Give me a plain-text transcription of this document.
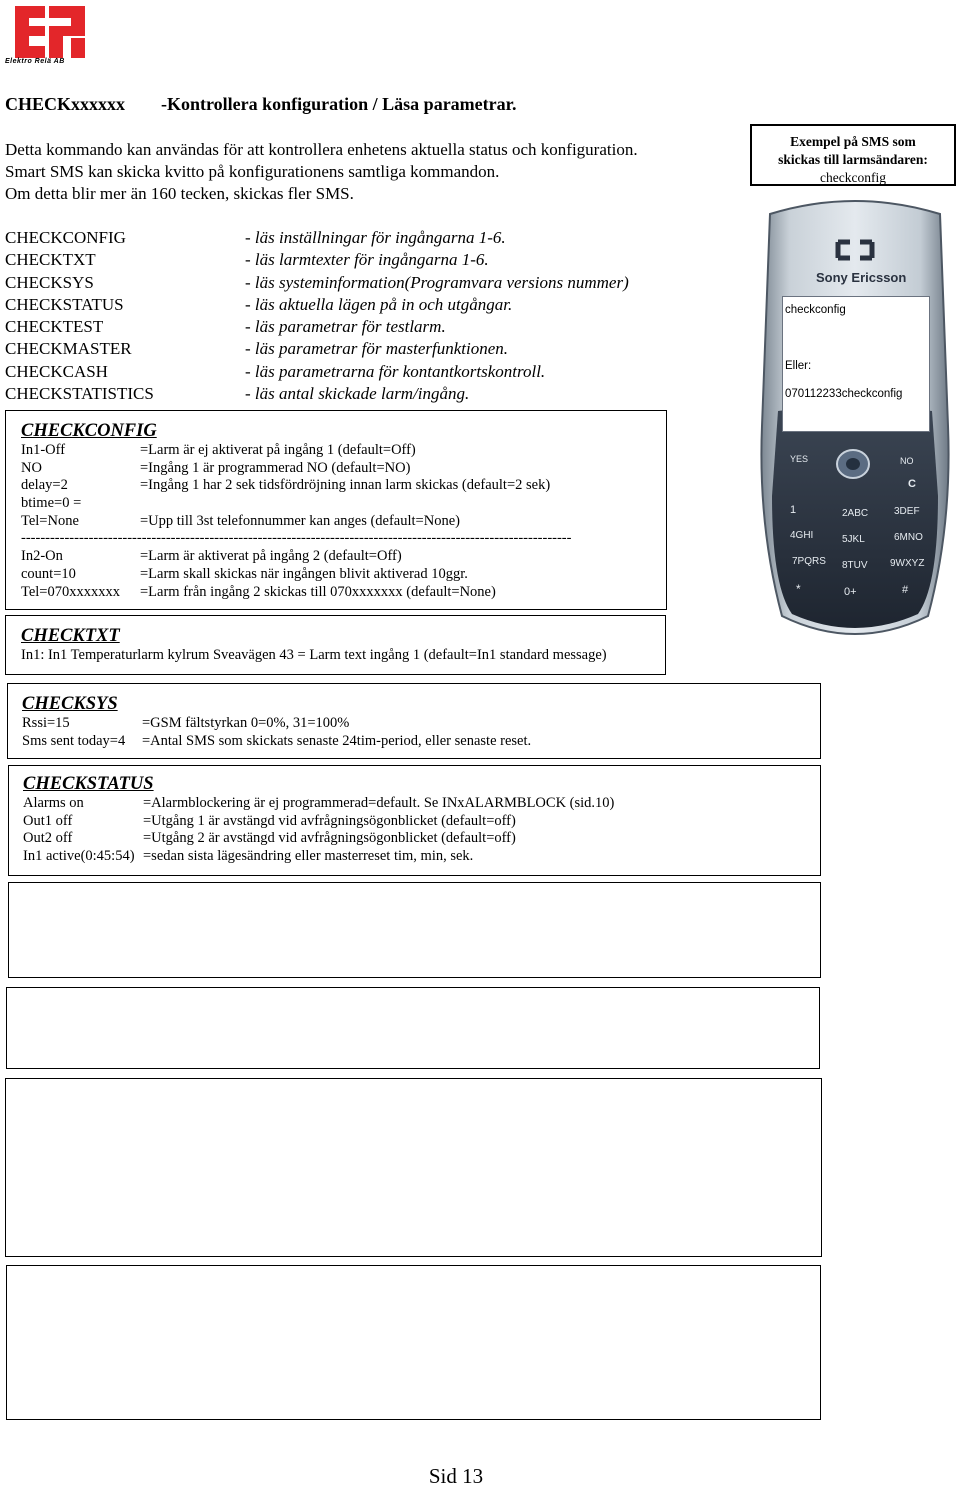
Elektro Relä AB
CHECKxxxxxx -Kontrollera konfiguration / Läsa parametrar.
Detta kommando kan användas för att kontrollera enhetens aktuella status och konfiguration.
Smart SMS kan skicka kvitto på konfigurationens samtliga kommandon.
Om detta blir mer än 160 tecken, skickas fler SMS.
Exempel på SMS som
skickas till larmsändaren:
checkconfig
CHECKCONFIG	- läs inställningar för ingångarna 1-6.
CHECKTXT	- läs larmtexter för ingångarna 1-6.
CHECKSYS	- läs systeminformation(Programvara versions nummer)
CHECKSTATUS	- läs aktuella lägen på in och utgångar.
CHECKTEST	- läs parametrar för testlarm.
CHECKMASTER	- läs parametrar för masterfunktionen.
CHECKCASH	- läs parametrarna för kontantkortskontroll.
CHECKSTATISTICS	- läs antal skickade larm/ingång.
CHECKCONFIG
In1-Off	=Larm är ej aktiverat på ingång 1 (default=Off)
NO	=Ingång 1 är programmerad NO (default=NO)
delay=2	=Ingång 1 har 2 sek tidsfördröjning innan larm skickas (default=2 sek)
btime=0 =
Tel=None	=Upp till 3st telefonnummer kan anges (default=None)
------------------------------------------------------------------------------------------------------------------
In2-On	=Larm är aktiverat på ingång 2 (default=Off)
count=10	=Larm skall skickas när ingången blivit aktiverad 10ggr.
Tel=070xxxxxxx =Larm från ingång 2 skickas till 070xxxxxxx (default=None)
CHECKTXT
In1: In1 Temperaturlarm kylrum Sveavägen 43 = Larm text ingång 1 (default=In1 standard message)
CHECKSYS
Rssi=15	=GSM fältstyrkan 0=0%, 31=100%
Sms sent today=4 =Antal SMS som skickats senaste 24tim-period, eller senaste reset.
CHECKSTATUS
Alarms on	=Alarmblockering är ej programmerad=default. Se INxALARMBLOCK (sid.10)
Out1 off	=Utgång 1 är avstängd vid avfrågningsögonblicket (default=off)
Out2 off	=Utgång 2 är avstängd vid avfrågningsögonblicket (default=off)
In1 active(0:45:54) =sedan sista lägesändring eller masterreset tim, min, sek.
Sony Ericsson
checkconfig
Eller:
070112233checkconfig
YES	NO
C
1	2ABC	3DEF
4GHI	5JKL	6MNO
7PQRS 8TUV 9WXYZ
*	0+	#
Sid 13
